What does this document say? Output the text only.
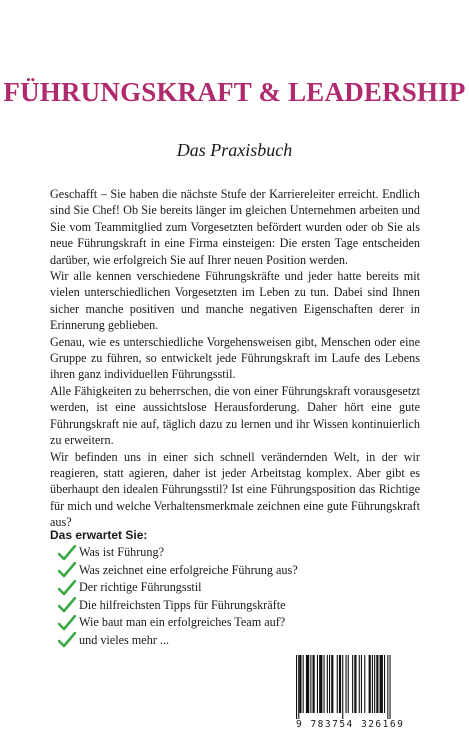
FÜHRUNGSKRAFT & LEADERSHIP
Das Praxisbuch

Geschafft – Sie haben die nächste Stufe der Karriereleiter erreicht. Endlich sind Sie Chef! Ob Sie bereits länger im gleichen Unternehmen arbeiten und Sie vom Teammitglied zum Vorgesetzten befördert wurden oder ob Sie als neue Führungskraft in eine Firma einsteigen: Die ersten Tage entscheiden darüber, wie erfolgreich Sie auf Ihrer neuen Position werden.

Wir alle kennen verschiedene Führungskräfte und jeder hatte bereits mit vielen unterschiedlichen Vorgesetzten im Leben zu tun. Dabei sind Ihnen sicher manche positiven und manche negativen Eigenschaften derer in Erinnerung geblieben.

Genau, wie es unterschiedliche Vorgehensweisen gibt, Menschen oder eine Gruppe zu führen, so entwickelt jede Führungskraft im Laufe des Lebens ihren ganz individuellen Führungsstil.

Alle Fähigkeiten zu beherrschen, die von einer Führungskraft vorausgesetzt werden, ist eine aussichtslose Herausforderung. Daher hört eine gute Führungskraft nie auf, täglich dazu zu lernen und ihr Wissen kontinuierlich zu erweitern.

Wir befinden uns in einer sich schnell verändernden Welt, in der wir reagieren, statt agieren, daher ist jeder Arbeitstag komplex. Aber gibt es überhaupt den idealen Führungsstil? Ist eine Führungsposition das Richtige für mich und welche Verhaltensmerkmale zeichnen eine gute Führungskraft aus?

Das erwartet Sie:
Was ist Führung?
Was zeichnet eine erfolgreiche Führung aus?
Der richtige Führungsstil
Die hilfreichsten Tipps für Führungskräfte
Wie baut man ein erfolgreiches Team auf?
und vieles mehr ...
9 783754 326169
